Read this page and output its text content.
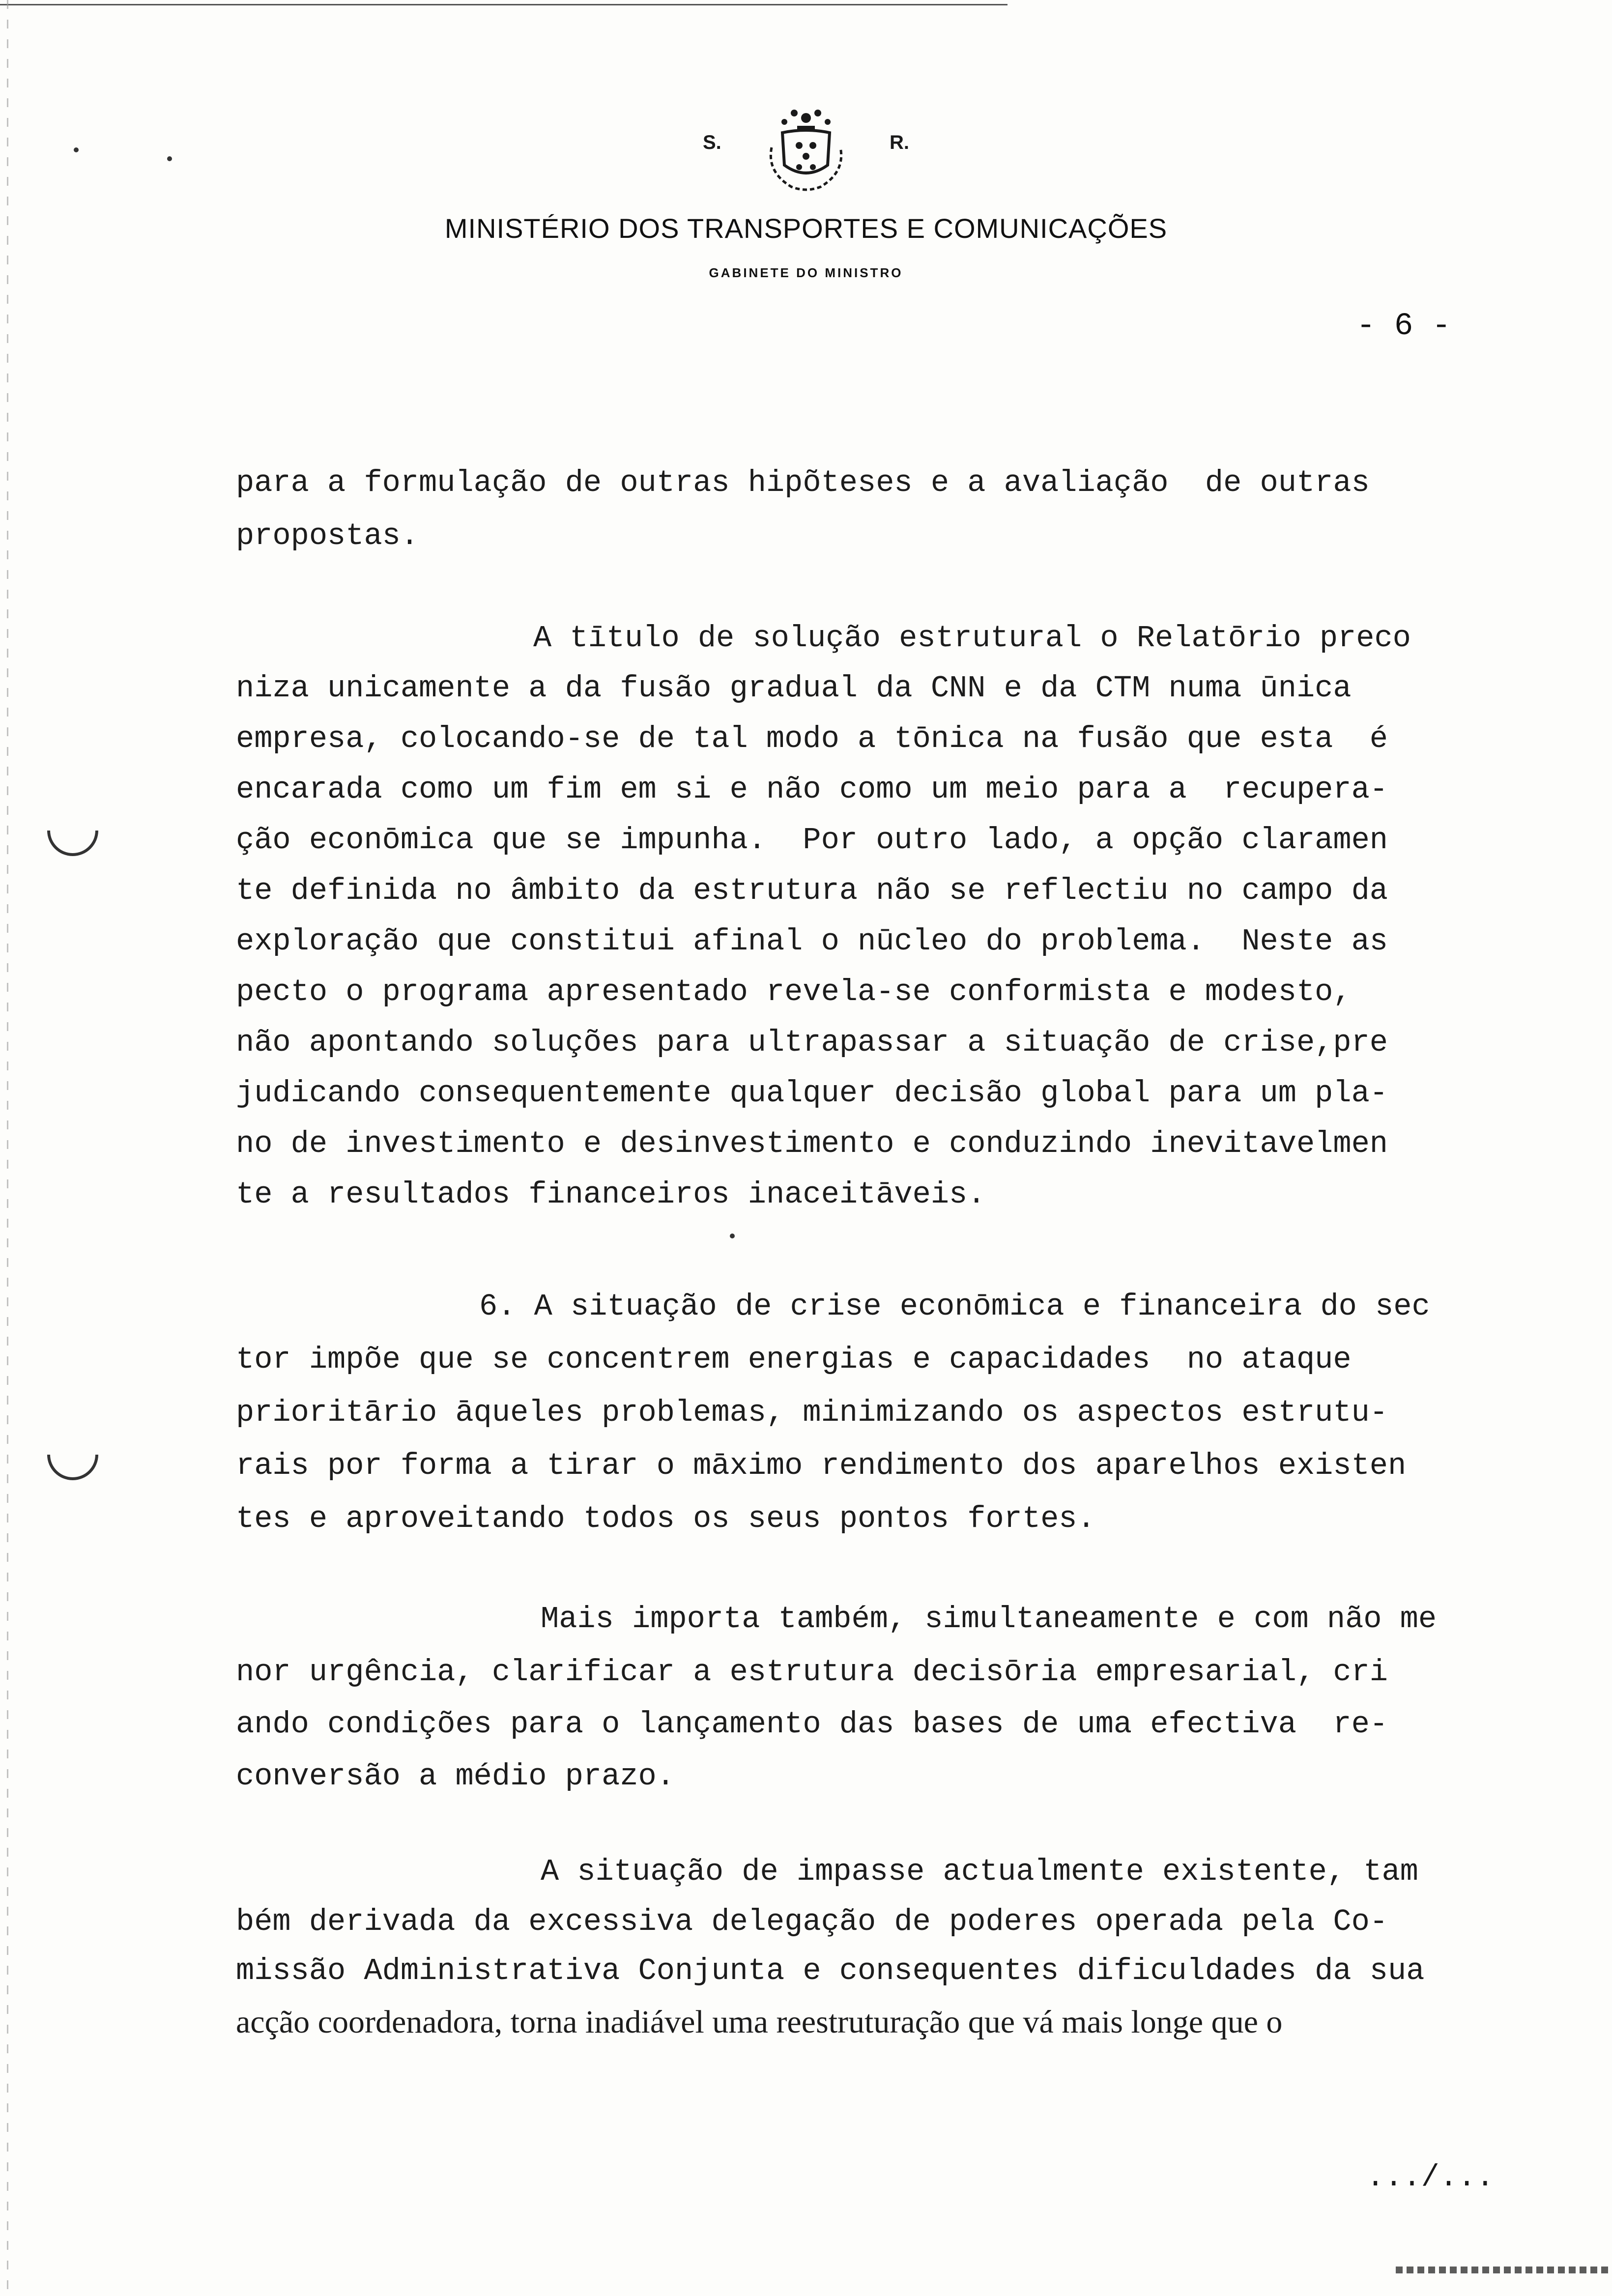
S.	R.
MINISTÉRIO DOS TRANSPORTES E COMUNICAÇÕES
GABINETE DO MINISTRO
- 6 -
para a formulação de outras hipõteses e a avaliação  de outras
propostas.
A tītulo de solução estrutural o Relatōrio preco
niza unicamente a da fusão gradual da CNN e da CTM numa ūnica
empresa, colocando-se de tal modo a tōnica na fusão que esta  é
encarada como um fim em si e não como um meio para a  recupera-
ção econōmica que se impunha.  Por outro lado, a opção claramen
te definida no âmbito da estrutura não se reflectiu no campo da
exploração que constitui afinal o nūcleo do problema.  Neste as
pecto o programa apresentado revela-se conformista e modesto,
não apontando soluções para ultrapassar a situação de crise,pre
judicando consequentemente qualquer decisão global para um pla-
no de investimento e desinvestimento e conduzindo inevitavelmen
te a resultados financeiros inaceitāveis.
6. A situação de crise econōmica e financeira do sec
tor impõe que se concentrem energias e capacidades  no ataque
prioritārio āqueles problemas, minimizando os aspectos estrutu-
rais por forma a tirar o māximo rendimento dos aparelhos existen
tes e aproveitando todos os seus pontos fortes.
Mais importa também, simultaneamente e com não me
nor urgência, clarificar a estrutura decisōria empresarial, cri
ando condições para o lançamento das bases de uma efectiva  re-
conversão a médio prazo.
A situação de impasse actualmente existente, tam
bém derivada da excessiva delegação de poderes operada pela Co-
missão Administrativa Conjunta e consequentes dificuldades da sua
acção coordenadora, torna inadiável uma reestruturação que vá mais longe que o
.../...
